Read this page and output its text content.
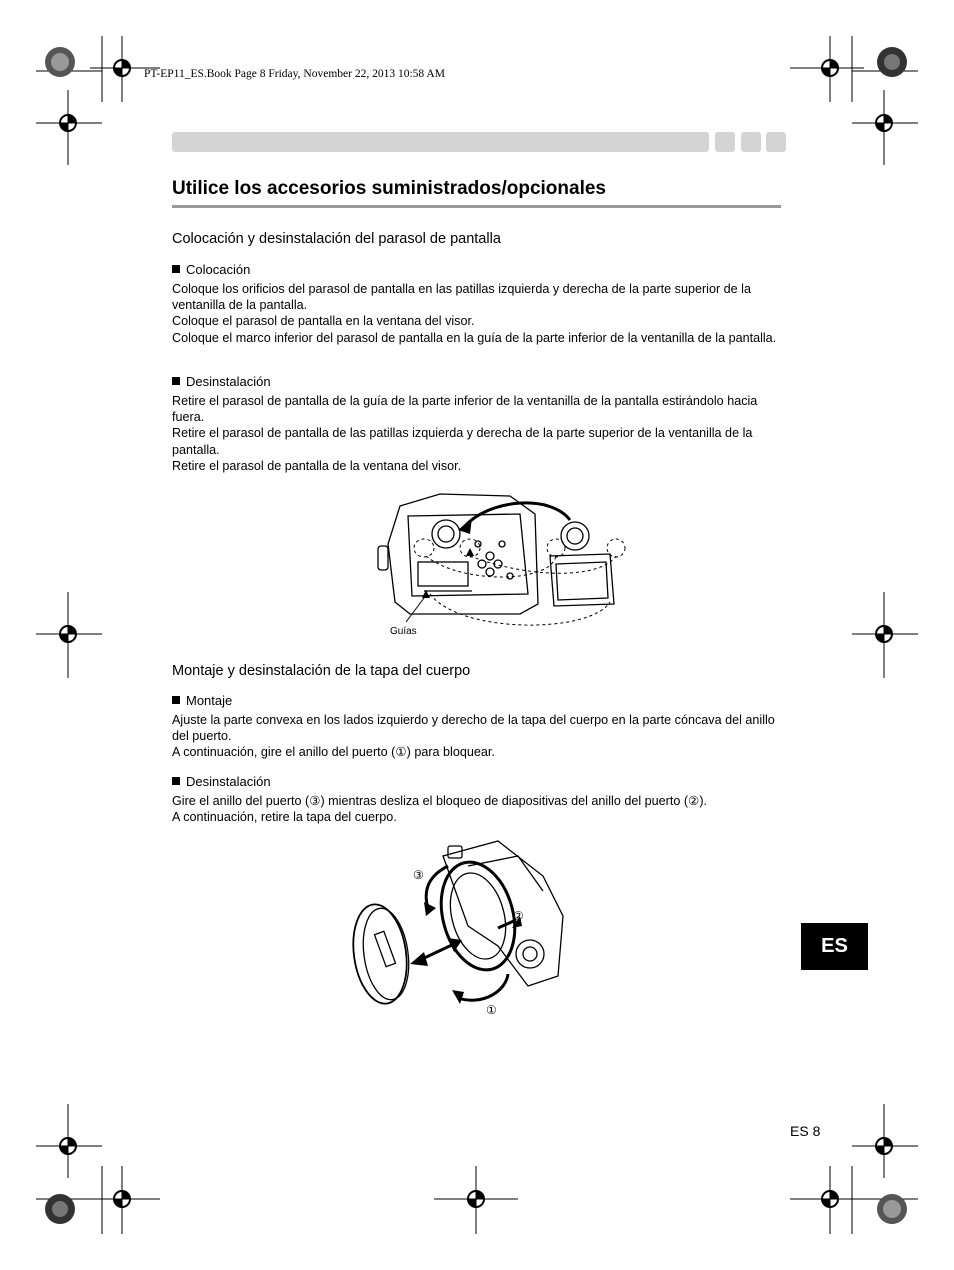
PT-EP11_ES.Book Page 8 Friday, November 22, 2013 10:58 AM
Utilice los accesorios suministrados/opcionales
Colocación y desinstalación del parasol de pantalla
Colocación

Coloque los orificios del parasol de pantalla en las patillas izquierda y derecha de la parte superior de la ventanilla de la pantalla.

Coloque el parasol de pantalla en la ventana del visor.

Coloque el marco inferior del parasol de pantalla en la guía de la parte inferior de la ventanilla de la pantalla.

Desinstalación

Retire el parasol de pantalla de la guía de la parte inferior de la ventanilla de la pantalla estirándolo hacia fuera.

Retire el parasol de pantalla de las patillas izquierda y derecha de la parte superior de la ventanilla de la pantalla.

Retire el parasol de pantalla de la ventana del visor.

Guías
Montaje y desinstalación de la tapa del cuerpo
Montaje

Ajuste la parte convexa en los lados izquierdo y derecho de la tapa del cuerpo en la parte cóncava del anillo del puerto.

A continuación, gire el anillo del puerto (①) para bloquear.

Desinstalación

Gire el anillo del puerto (③) mientras desliza el bloqueo de diapositivas del anillo del puerto (②).

A continuación, retire la tapa del cuerpo.

③
②
①
ES
ES 8
